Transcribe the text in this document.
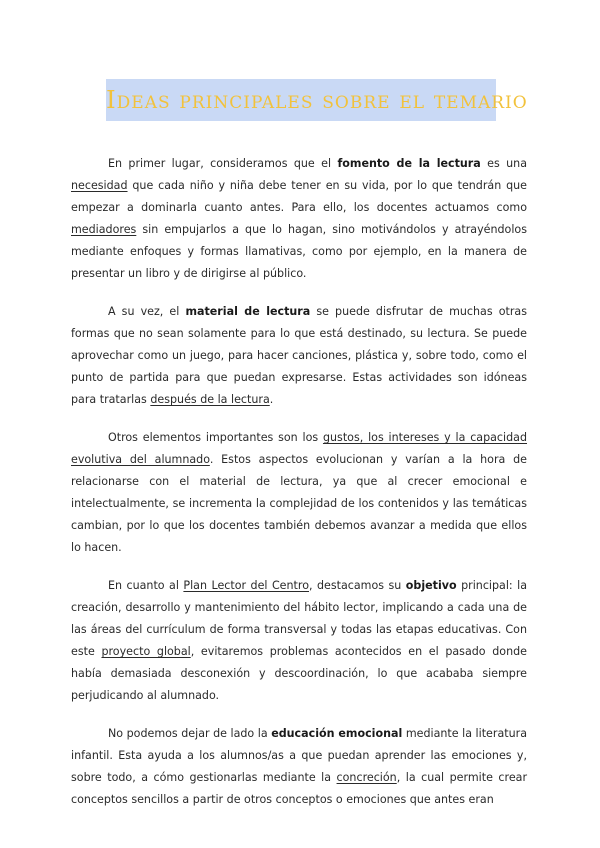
Ideas principales sobre el temario

En primer lugar, consideramos que el fomento de la lectura es una necesidad que cada niño y niña debe tener en su vida, por lo que tendrán que empezar a dominarla cuanto antes. Para ello, los docentes actuamos como mediadores sin empujarlos a que lo hagan, sino motivándolos y atrayéndolos mediante enfoques y formas llamativas, como por ejemplo, en la manera de presentar un libro y de dirigirse al público.

A su vez, el material de lectura se puede disfrutar de muchas otras formas que no sean solamente para lo que está destinado, su lectura. Se puede aprovechar como un juego, para hacer canciones, plástica y, sobre todo, como el punto de partida para que puedan expresarse. Estas actividades son idóneas para tratarlas después de la lectura.

Otros elementos importantes son los gustos, los intereses y la capacidad evolutiva del alumnado. Estos aspectos evolucionan y varían a la hora de relacionarse con el material de lectura, ya que al crecer emocional e intelectualmente, se incrementa la complejidad de los contenidos y las temáticas cambian, por lo que los docentes también debemos avanzar a medida que ellos lo hacen.

En cuanto al Plan Lector del Centro, destacamos su objetivo principal: la creación, desarrollo y mantenimiento del hábito lector, implicando a cada una de las áreas del currículum de forma transversal y todas las etapas educativas. Con este proyecto global, evitaremos problemas acontecidos en el pasado donde había demasiada desconexión y descoordinación, lo que acababa siempre perjudicando al alumnado.

No podemos dejar de lado la educación emocional mediante la literatura infantil. Esta ayuda a los alumnos/as a que puedan aprender las emociones y, sobre todo, a cómo gestionarlas mediante la concreción, la cual permite crear conceptos sencillos a partir de otros conceptos o emociones que antes eran
